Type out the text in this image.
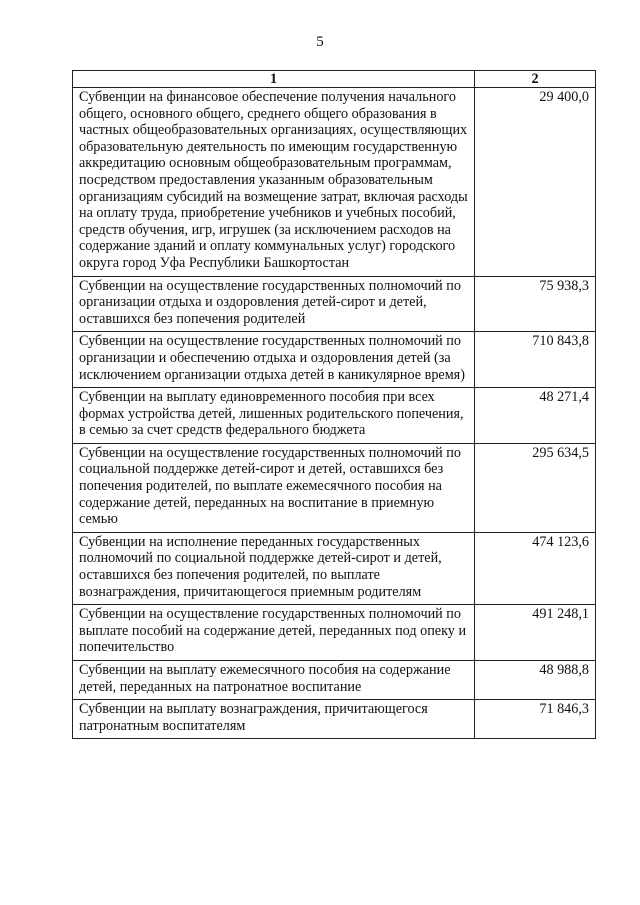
5
1	2
Субвенции на финансовое обеспечение получения начального общего, основного общего, среднего общего образования в частных общеобразовательных организациях, осуществляющих образовательную деятельность по имеющим государственную аккредитацию основным общеобразовательным программам, посредством предоставления указанным образовательным организациям субсидий на возмещение затрат, включая расходы на оплату труда, приобретение учебников и учебных пособий, средств обучения, игр, игрушек (за исключением расходов на содержание зданий и оплату коммунальных услуг) городского округа город Уфа Республики Башкортостан	29 400,0
Субвенции на осуществление государственных полномочий по организации отдыха и оздоровления детей-сирот и детей, оставшихся без попечения родителей	75 938,3
Субвенции на осуществление государственных полномочий по организации и обеспечению отдыха и оздоровления детей (за исключением организации отдыха детей в каникулярное время)	710 843,8
Субвенции на выплату единовременного пособия при всех формах устройства детей, лишенных родительского попечения, в семью за счет средств федерального бюджета	48 271,4
Субвенции на осуществление государственных полномочий по социальной поддержке детей-сирот и детей, оставшихся без попечения родителей, по выплате ежемесячного пособия на содержание детей, переданных на воспитание в приемную семью	295 634,5
Субвенции на исполнение переданных государственных полномочий по социальной поддержке детей-сирот и детей, оставшихся без попечения родителей, по выплате вознаграждения, причитающегося приемным родителям	474 123,6
Субвенции на осуществление государственных полномочий по выплате пособий на содержание детей, переданных под опеку и попечительство	491 248,1
Субвенции на выплату ежемесячного пособия на содержание детей, переданных на патронатное воспитание	48 988,8
Субвенции на выплату вознаграждения, причитающегося патронатным воспитателям	71 846,3
